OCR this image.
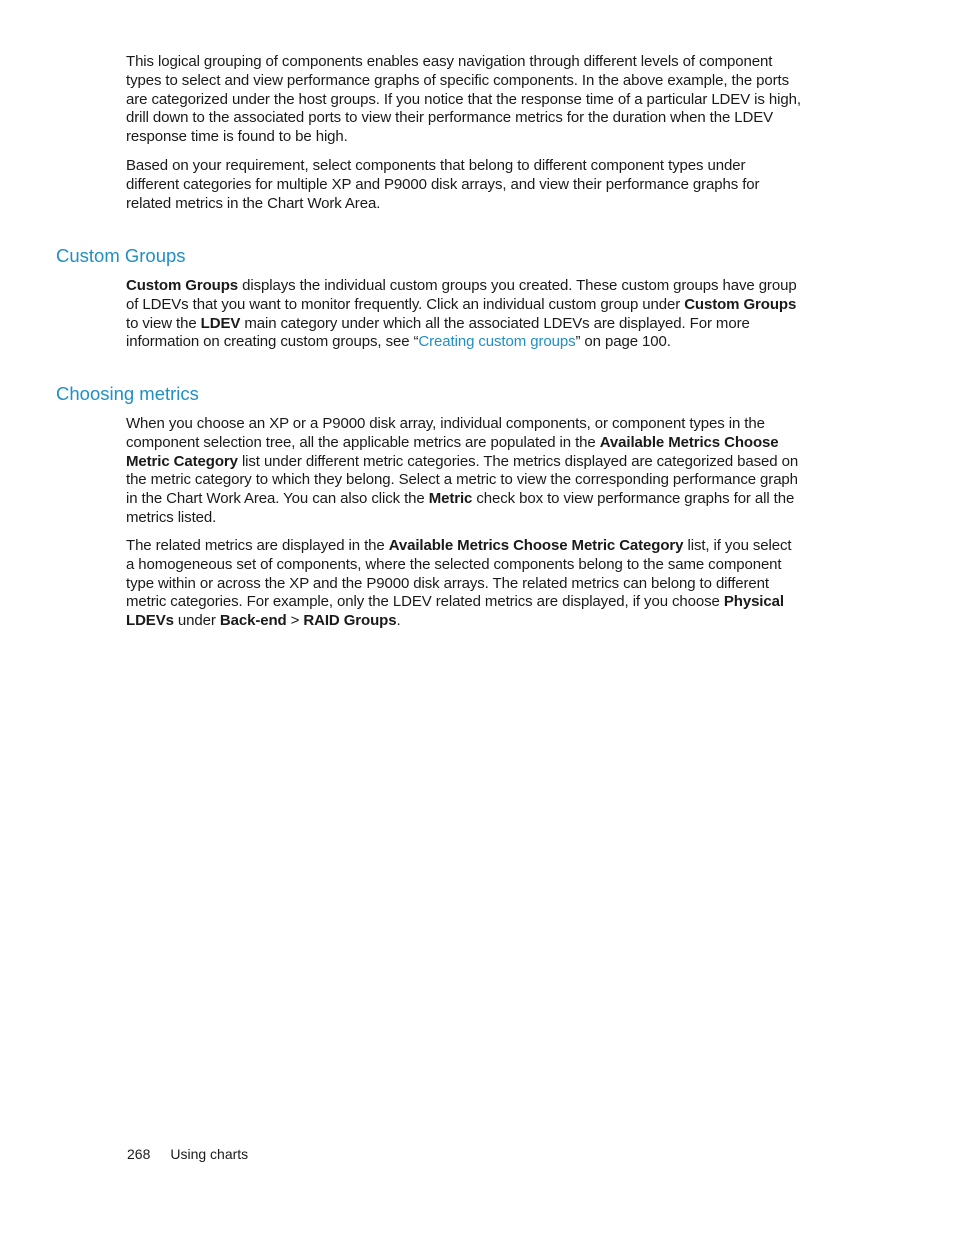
This logical grouping of components enables easy navigation through different levels of component types to select and view performance graphs of specific components. In the above example, the ports are categorized under the host groups. If you notice that the response time of a particular LDEV is high, drill down to the associated ports to view their performance metrics for the duration when the LDEV response time is found to be high.

Based on your requirement, select components that belong to different component types under different categories for multiple XP and P9000 disk arrays, and view their performance graphs for related metrics in the Chart Work Area.

Custom Groups

Custom Groups displays the individual custom groups you created. These custom groups have group of LDEVs that you want to monitor frequently. Click an individual custom group under Custom Groups to view the LDEV main category under which all the associated LDEVs are displayed. For more information on creating custom groups, see “Creating custom groups” on page 100.

Choosing metrics

When you choose an XP or a P9000 disk array, individual components, or component types in the component selection tree, all the applicable metrics are populated in the Available Metrics Choose Metric Category list under different metric categories. The metrics displayed are categorized based on the metric category to which they belong. Select a metric to view the corresponding performance graph in the Chart Work Area. You can also click the Metric check box to view performance graphs for all the metrics listed.

The related metrics are displayed in the Available Metrics Choose Metric Category list, if you select a homogeneous set of components, where the selected components belong to the same component type within or across the XP and the P9000 disk arrays. The related metrics can belong to different metric categories. For example, only the LDEV related metrics are displayed, if you choose Physical LDEVs under Back-end > RAID Groups.

268 Using charts
